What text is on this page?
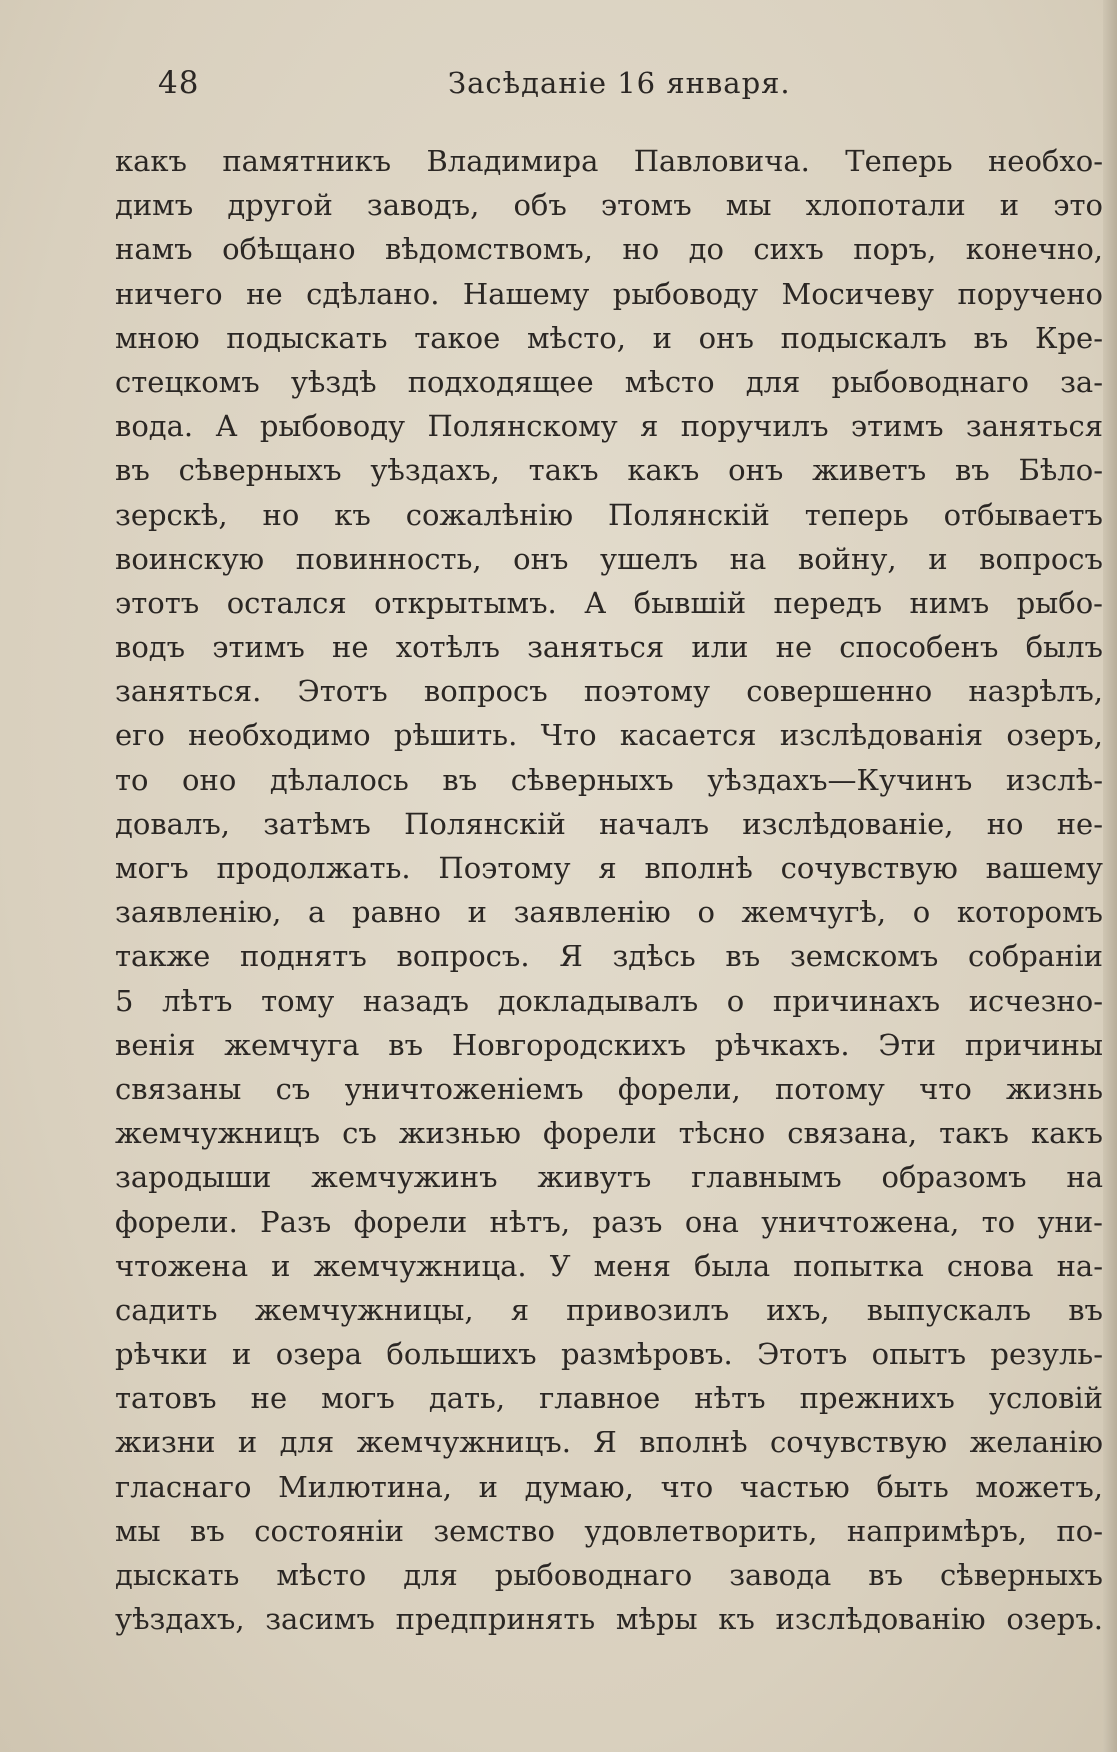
48	Засѣданіе 16 января.
какъ памятникъ Владимира Павловича. Теперь необхо-
димъ другой заводъ, объ этомъ мы хлопотали и это
намъ обѣщано вѣдомствомъ, но до сихъ поръ, конечно,
ничего не сдѣлано. Нашему рыбоводу Мосичеву поручено
мною подыскать такое мѣсто, и онъ подыскалъ въ Кре-
стецкомъ уѣздѣ подходящее мѣсто для рыбоводнаго за-
вода. А рыбоводу Полянскому я поручилъ этимъ заняться
въ сѣверныхъ уѣздахъ, такъ какъ онъ живетъ въ Бѣло-
зерскѣ, но къ сожалѣнію Полянскій теперь отбываетъ
воинскую повинность, онъ ушелъ на войну, и вопросъ
этотъ остался открытымъ. А бывшій передъ нимъ рыбо-
водъ этимъ не хотѣлъ заняться или не способенъ былъ
заняться. Этотъ вопросъ поэтому совершенно назрѣлъ,
его необходимо рѣшить. Что касается изслѣдованія озеръ,
то оно дѣлалось въ сѣверныхъ уѣздахъ—Кучинъ изслѣ-
довалъ, затѣмъ Полянскій началъ изслѣдованіе, но не-
могъ продолжать. Поэтому я вполнѣ сочувствую вашему
заявленію, а равно и заявленію о жемчугѣ, о которомъ
также поднятъ вопросъ. Я здѣсь въ земскомъ собраніи
5 лѣтъ тому назадъ докладывалъ о причинахъ исчезно-
венія жемчуга въ Новгородскихъ рѣчкахъ. Эти причины
связаны съ уничтоженіемъ форели, потому что жизнь
жемчужницъ съ жизнью форели тѣсно связана, такъ какъ
зародыши жемчужинъ живутъ главнымъ образомъ на
форели. Разъ форели нѣтъ, разъ она уничтожена, то уни-
чтожена и жемчужница. У меня была попытка снова на-
садить жемчужницы, я привозилъ ихъ, выпускалъ въ
рѣчки и озера большихъ размѣровъ. Этотъ опытъ резуль-
татовъ не могъ дать, главное нѣтъ прежнихъ условій
жизни и для жемчужницъ. Я вполнѣ сочувствую желанію
гласнаго Милютина, и думаю, что частью быть можетъ,
мы въ состояніи земство удовлетворить, напримѣръ, по-
дыскать мѣсто для рыбоводнаго завода въ сѣверныхъ
уѣздахъ, засимъ предпринять мѣры къ изслѣдованію озеръ.
